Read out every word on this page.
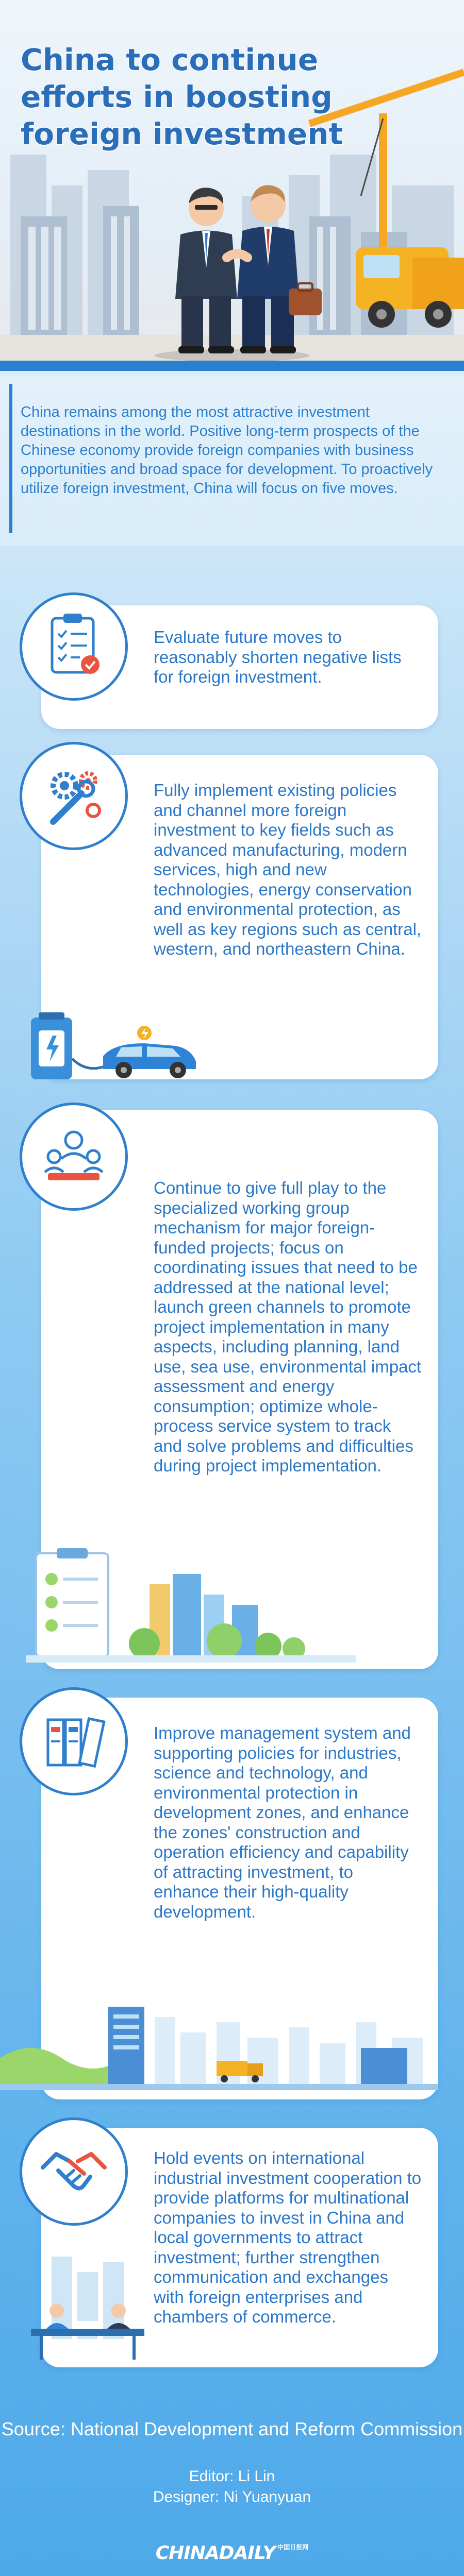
China to continue efforts in boosting foreign investment

China remains among the most attractive investment destinations in the world. Positive long-term prospects of the Chinese economy provide foreign companies with business opportunities and broad space for development. To proactively utilize foreign investment, China will focus on five moves.

Evaluate future moves to reasonably shorten negative lists for foreign investment.

Fully implement existing policies and channel more foreign investment to key fields such as advanced manufacturing, modern services, high and new technologies, energy conservation and environmental protection, as well as key regions such as central, western, and northeastern China.

Continue to give full play to the specialized working group mechanism for major foreign-funded projects; focus on coordinating issues that need to be addressed at the national level; launch green channels to promote project implementation in many aspects, including planning, land use, sea use, environmental impact assessment and energy consumption; optimize whole-process service system to track and solve problems and difficulties during project implementation.

Improve management system and supporting policies for industries, science and technology, and environmental protection in development zones, and enhance the zones' construction and operation efficiency and capability of attracting investment, to enhance their high-quality development.

Hold events on international industrial investment cooperation to provide platforms for multinational companies to invest in China and local governments to attract investment; further strengthen communication and exchanges with foreign enterprises and chambers of commerce.

Source: National Development and Reform Commission
Editor: Li Lin
Designer: Ni Yuanyuan
CHINADAILY $^{中国日报网}$
